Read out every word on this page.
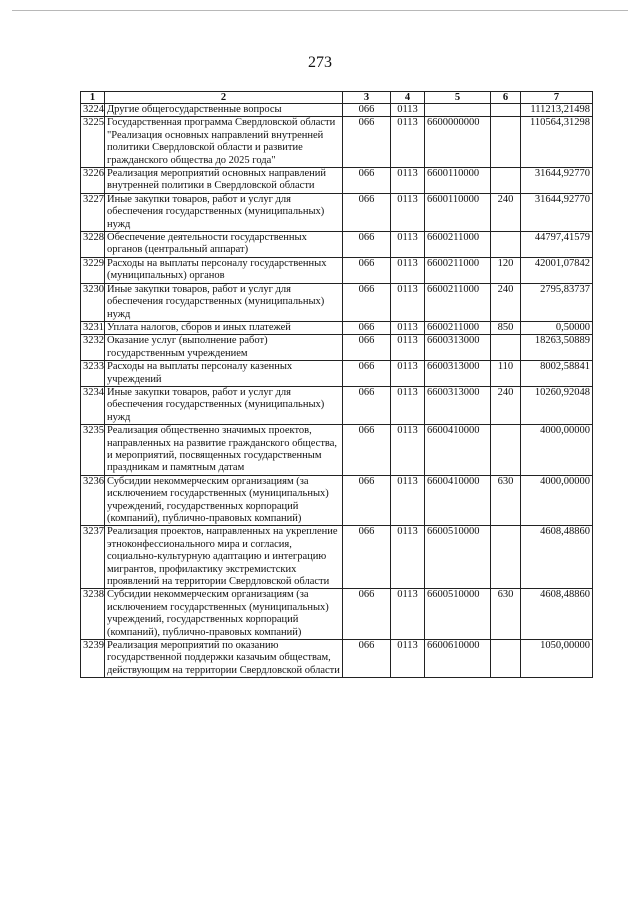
273
1	2	3	4	5	6	7
3224	Другие общегосударственные вопросы	066	0113			111213,21498
3225	Государственная программа Свердловской области "Реализация основных направлений внутренней политики Свердловской области и развитие гражданского общества до 2025 года"	066	0113	6600000000		110564,31298
3226	Реализация мероприятий основных направлений внутренней политики в Свердловской области	066	0113	6600110000		31644,92770
3227	Иные закупки товаров, работ и услуг для обеспечения государственных (муниципальных) нужд	066	0113	6600110000	240	31644,92770
3228	Обеспечение деятельности государственных органов (центральный аппарат)	066	0113	6600211000		44797,41579
3229	Расходы на выплаты персоналу государственных (муниципальных) органов	066	0113	6600211000	120	42001,07842
3230	Иные закупки товаров, работ и услуг для обеспечения государственных (муниципальных) нужд	066	0113	6600211000	240	2795,83737
3231	Уплата налогов, сборов и иных платежей	066	0113	6600211000	850	0,50000
3232	Оказание услуг (выполнение работ) государственным учреждением	066	0113	6600313000		18263,50889
3233	Расходы на выплаты персоналу казенных учреждений	066	0113	6600313000	110	8002,58841
3234	Иные закупки товаров, работ и услуг для обеспечения государственных (муниципальных) нужд	066	0113	6600313000	240	10260,92048
3235	Реализация общественно значимых проектов, направленных на развитие гражданского общества, и мероприятий, посвященных государственным праздникам и памятным датам	066	0113	6600410000		4000,00000
3236	Субсидии некоммерческим организациям (за исключением государственных (муниципальных) учреждений, государственных корпораций (компаний), публично-правовых компаний)	066	0113	6600410000	630	4000,00000
3237	Реализация проектов, направленных на укрепление этноконфессионального мира и согласия, социально-культурную адаптацию и интеграцию мигрантов, профилактику экстремистских проявлений на территории Свердловской области	066	0113	6600510000		4608,48860
3238	Субсидии некоммерческим организациям (за исключением государственных (муниципальных) учреждений, государственных корпораций (компаний), публично-правовых компаний)	066	0113	6600510000	630	4608,48860
3239	Реализация мероприятий по оказанию государственной поддержки казачьим обществам, действующим на территории Свердловской области	066	0113	6600610000		1050,00000
